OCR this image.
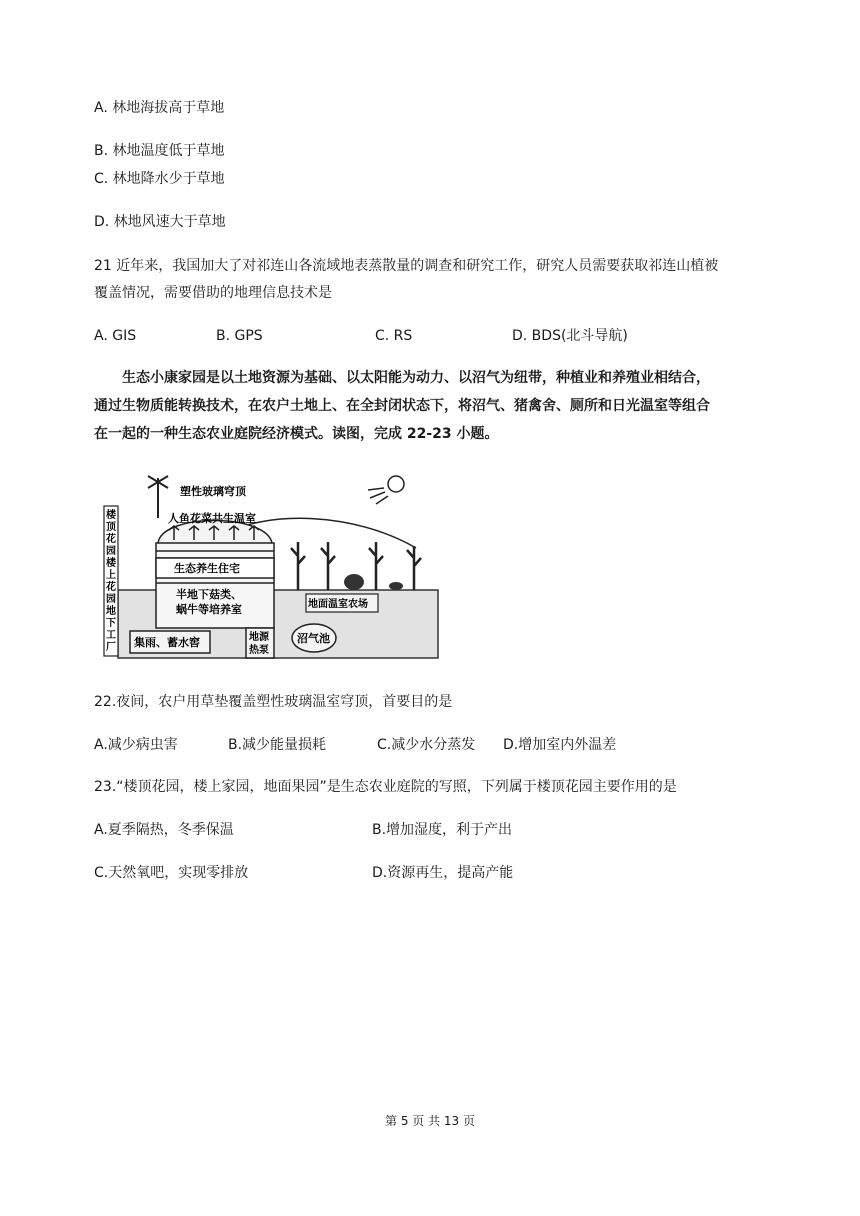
A. 林地海拔高于草地
B. 林地温度低于草地
C. 林地降水少于草地
D. 林地风速大于草地
21 近年来，我国加大了对祁连山各流域地表蒸散量的调查和研究工作，研究人员需要获取祁连山植被
覆盖情况，需要借助的地理信息技术是
A. GIS	B. GPS	C. RS	D. BDS(北斗导航)
生态小康家园是以土地资源为基础、以太阳能为动力、以沼气为纽带，种植业和养殖业相结合，
通过生物质能转换技术，在农户土地上、在全封闭状态下，将沼气、猪禽舍、厕所和日光温室等组合
在一起的一种生态农业庭院经济模式。读图，完成 22-23 小题。
塑性玻璃穹顶
人鱼花菜共生温室
生态养生住宅
半地下菇类、
蜗牛等培养室
集雨、蓄水窖	地源
热泵
沼气池
地面温室农场
楼
顶
花
园
楼
上
花
园
地
下
工
厂
22.夜间，农户用草垫覆盖塑性玻璃温室穹顶，首要目的是
A.减少病虫害	B.减少能量损耗	C.减少水分蒸发 D.增加室内外温差
23.“楼顶花园，楼上家园，地面果园”是生态农业庭院的写照，下列属于楼顶花园主要作用的是
A.夏季隔热，冬季保温	B.增加湿度，利于产出
C.天然氧吧，实现零排放	D.资源再生，提高产能
第 5 页 共 13 页
